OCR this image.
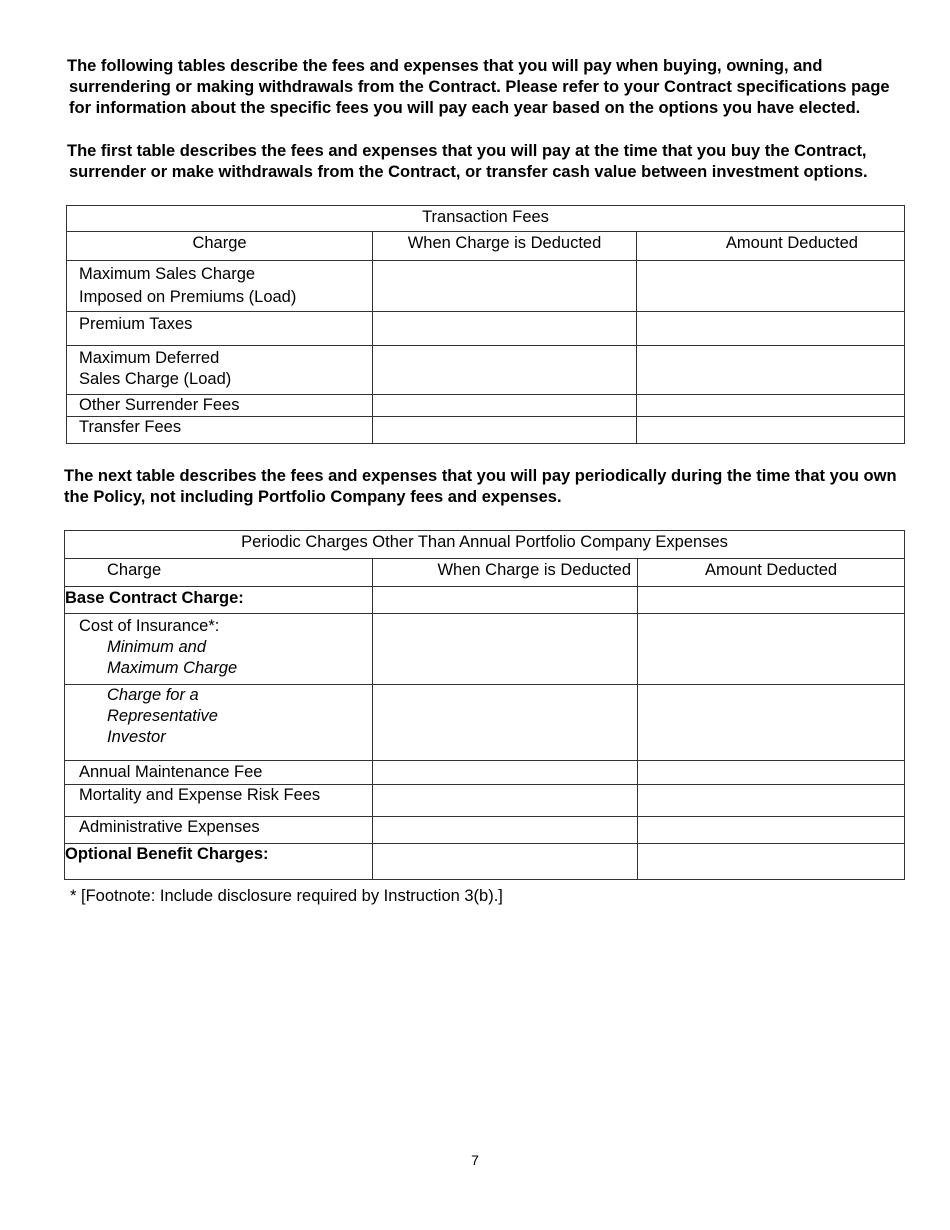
The following tables describe the fees and expenses that you will pay when buying, owning, and
surrendering or making withdrawals from the Contract. Please refer to your Contract specifications page
for information about the specific fees you will pay each year based on the options you have elected.
The first table describes the fees and expenses that you will pay at the time that you buy the Contract,
surrender or make withdrawals from the Contract, or transfer cash value between investment options.
Transaction Fees		
Charge	When Charge is Deducted	Amount Deducted

Maximum Sales Charge
Imposed on Premiums (Load)		

Premium Taxes		

Maximum Deferred
Sales Charge (Load)		

Other Surrender Fees		

Transfer Fees		

The next table describes the fees and expenses that you will pay periodically during the time that you own
the Policy, not including Portfolio Company fees and expenses.
Periodic Charges Other Than Annual Portfolio Company Expenses		
Charge	When Charge is Deducted	Amount Deducted
Base Contract Charge:		

Cost of Insurance*:
Minimum and
Maximum Charge		

Charge for a
Representative
Investor		

Annual Maintenance Fee		

Mortality and Expense Risk Fees		

Administrative Expenses		

Optional Benefit Charges:		
* [Footnote: Include disclosure required by Instruction 3(b).]
7
